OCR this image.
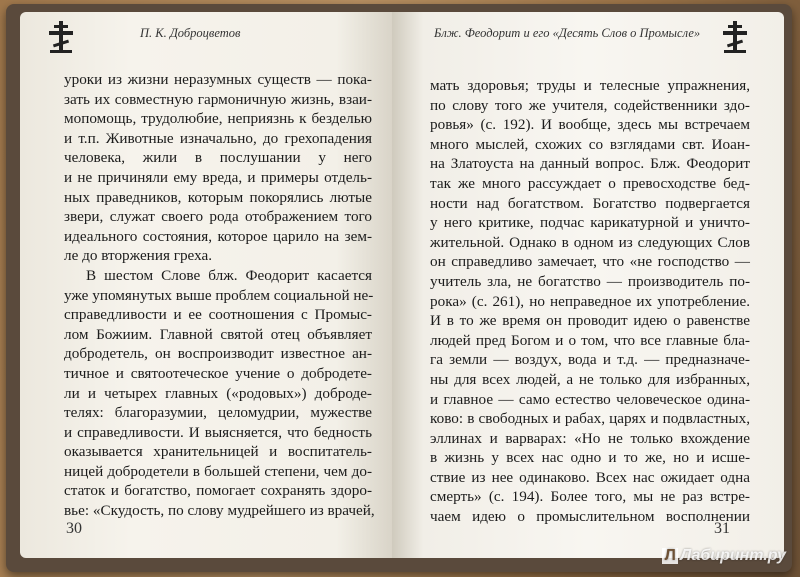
П. К. Доброцветов
уроки из жизни неразумных существ — пока-
зать их совместную гармоничную жизнь, взаи-
мопомощь, трудолюбие, неприязнь к безделью
и т.п. Животные изначально, до грехопадения
человека, жили в послушании у него
и не причиняли ему вреда, и примеры отдель-
ных праведников, которым покорялись лютые
звери, служат своего рода отображением того
идеального состояния, которое царило на зем-
ле до вторжения греха.
В шестом Слове блж. Феодорит касается
уже упомянутых выше проблем социальной не-
справедливости и ее соотношения с Промыс-
лом Божиим. Главной святой отец объявляет
добродетель, он воспроизводит известное ан-
тичное и святоотеческое учение о добродете-
ли и четырех главных («родовых») доброде-
телях: благоразумии, целомудрии, мужестве
и справедливости. И выясняется, что бедность
оказывается хранительницей и воспитатель-
ницей добродетели в большей степени, чем до-
статок и богатство, помогает сохранять здоро-
вье: «Скудость, по слову мудрейшего из врачей,
30
Блж. Феодорит и его «Десять Слов о Промысле»
мать здоровья; труды и телесные упражнения,
по слову того же учителя, содейственники здо-
ровья» (с. 192). И вообще, здесь мы встречаем
много мыслей, схожих со взглядами свт. Иоан-
на Златоуста на данный вопрос. Блж. Феодорит
так же много рассуждает о превосходстве бед-
ности над богатством. Богатство подвергается
у него критике, подчас карикатурной и уничто-
жительной. Однако в одном из следующих Слов
он справедливо замечает, что «не господство —
учитель зла, не богатство — производитель по-
рока» (с. 261), но неправедное их употребление.
И в то же время он проводит идею о равенстве
людей пред Богом и о том, что все главные бла-
га земли — воздух, вода и т.д. — предназначе-
ны для всех людей, а не только для избранных,
и главное — само естество человеческое одина-
ково: в свободных и рабах, царях и подвластных,
эллинах и варварах: «Но не только вхождение
в жизнь у всех нас одно и то же, но и исше-
ствие из нее одинаково. Всех нас ожидает одна
смерть» (с. 194). Более того, мы не раз встре-
чаем идею о промыслительном восполнении
31
Л Лабиринт.ру
